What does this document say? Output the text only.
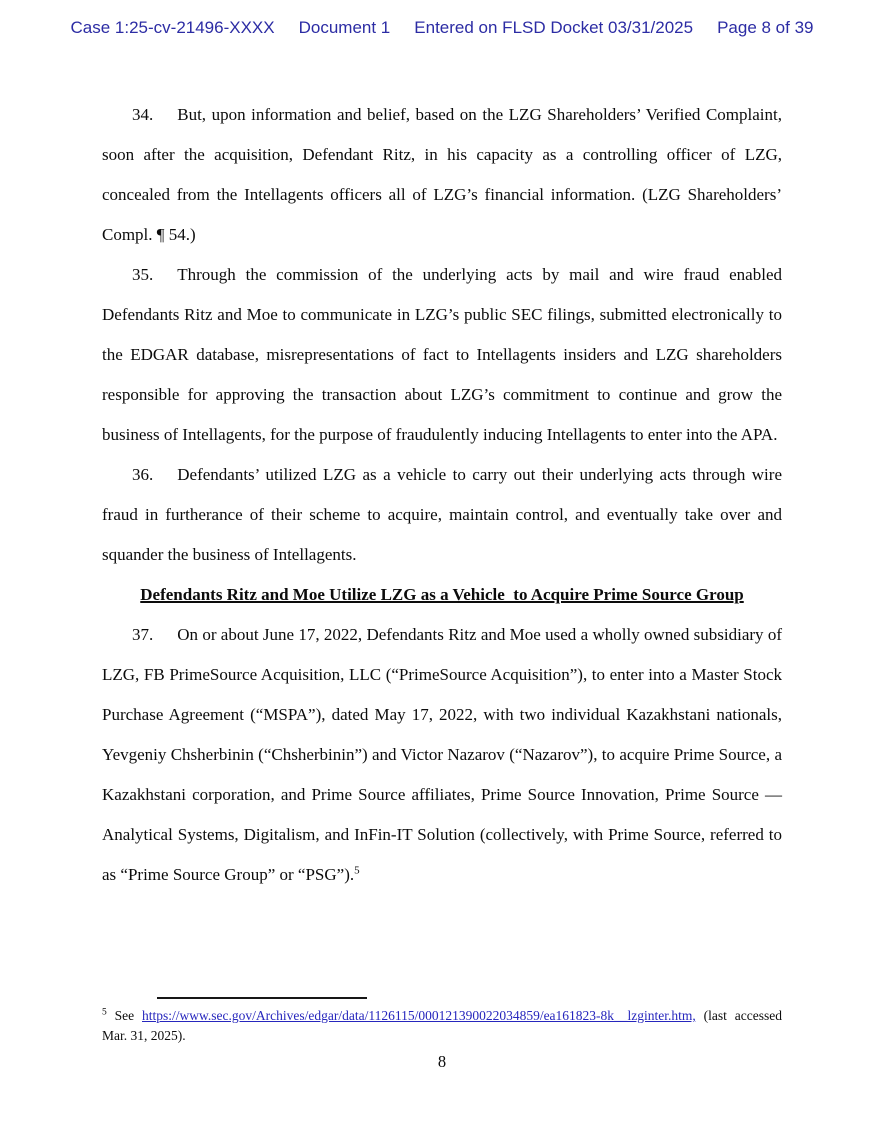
Case 1:25-cv-21496-XXXX Document 1 Entered on FLSD Docket 03/31/2025 Page 8 of 39

34. But, upon information and belief, based on the LZG Shareholders’ Verified Complaint, soon after the acquisition, Defendant Ritz, in his capacity as a controlling officer of LZG, concealed from the Intellagents officers all of LZG’s financial information. (LZG Shareholders’ Compl. ¶ 54.)

35. Through the commission of the underlying acts by mail and wire fraud enabled Defendants Ritz and Moe to communicate in LZG’s public SEC filings, submitted electronically to the EDGAR database, misrepresentations of fact to Intellagents insiders and LZG shareholders responsible for approving the transaction about LZG’s commitment to continue and grow the business of Intellagents, for the purpose of fraudulently inducing Intellagents to enter into the APA.

36. Defendants’ utilized LZG as a vehicle to carry out their underlying acts through wire fraud in furtherance of their scheme to acquire, maintain control, and eventually take over and squander the business of Intellagents.

Defendants Ritz and Moe Utilize LZG as a Vehicle  to Acquire Prime Source Group

37. On or about June 17, 2022, Defendants Ritz and Moe used a wholly owned subsidiary of LZG, FB PrimeSource Acquisition, LLC (“PrimeSource Acquisition”), to enter into a Master Stock Purchase Agreement (“MSPA”), dated May 17, 2022, with two individual Kazakhstani nationals, Yevgeniy Chsherbinin (“Chsherbinin”) and Victor Nazarov (“Nazarov”), to acquire Prime Source, a Kazakhstani corporation, and Prime Source affiliates, Prime Source Innovation, Prime Source — Analytical Systems, Digitalism, and InFin-IT Solution (collectively, with Prime Source, referred to as “Prime Source Group” or “PSG”).$^5$

$^5$ See https://www.sec.gov/Archives/edgar/data/1126115/000121390022034859/ea161823-8k__lzginter.htm, (last accessed Mar. 31, 2025).
8
